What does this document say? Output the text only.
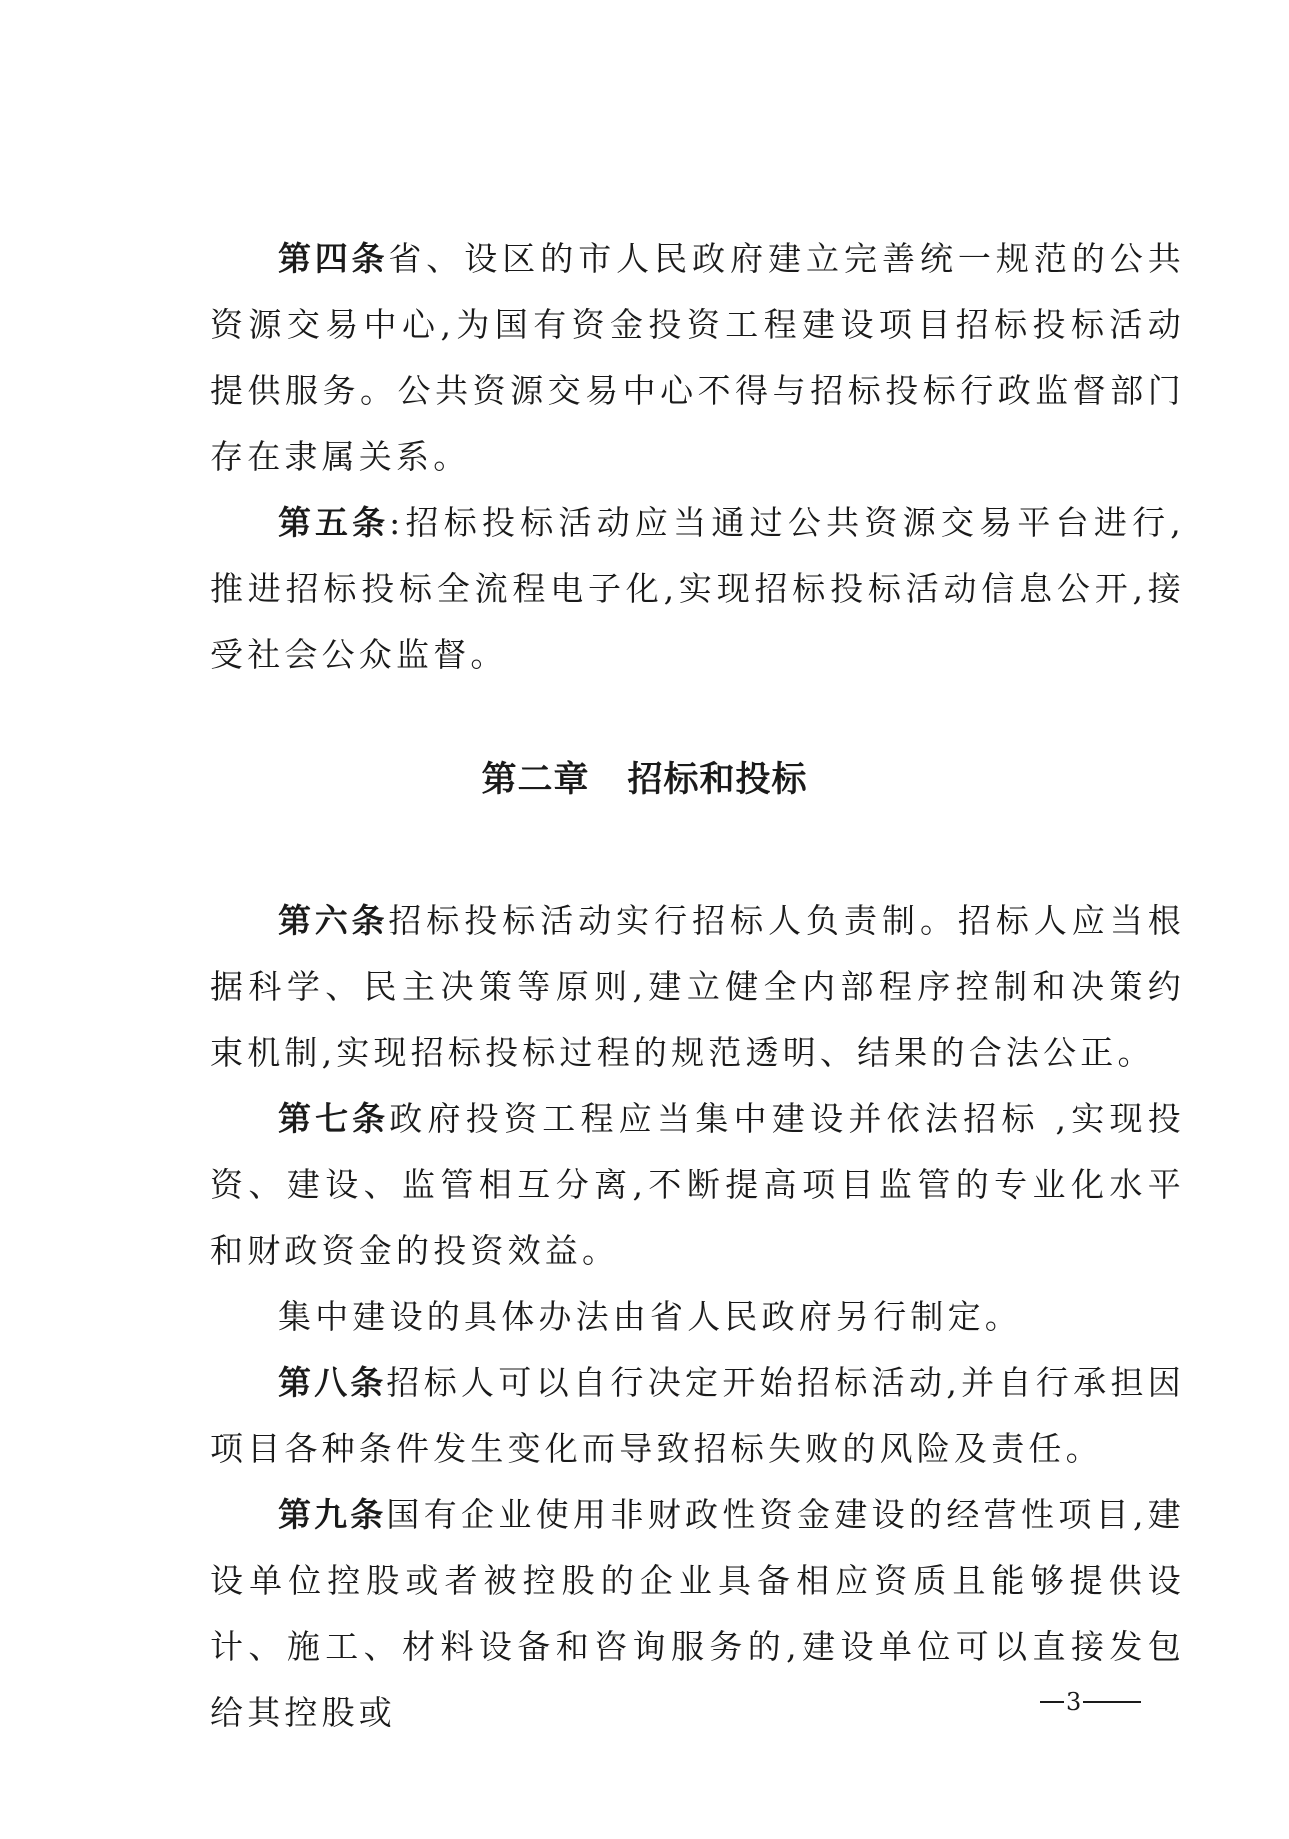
第四条省、设区的市人民政府建立完善统一规范的公共资源交易中心,为国有资金投资工程建设项目招标投标活动提供服务。公共资源交易中心不得与招标投标行政监督部门存在隶属关系。

第五条:招标投标活动应当通过公共资源交易平台进行,推进招标投标全流程电子化,实现招标投标活动信息公开,接受社会公众监督。

第二章 招标和投标

第六条招标投标活动实行招标人负责制。招标人应当根据科学、民主决策等原则,建立健全内部程序控制和决策约束机制,实现招标投标过程的规范透明、结果的合法公正。

第七条政府投资工程应当集中建设并依法招标 ,实现投资、建设、监管相互分离,不断提高项目监管的专业化水平和财政资金的投资效益。

集中建设的具体办法由省人民政府另行制定。

第八条招标人可以自行决定开始招标活动,并自行承担因项目各种条件发生变化而导致招标失败的风险及责任。

第九条国有企业使用非财政性资金建设的经营性项目,建设单位控股或者被控股的企业具备相应资质且能够提供设计、施工、材料设备和咨询服务的,建设单位可以直接发包给其控股或	3
